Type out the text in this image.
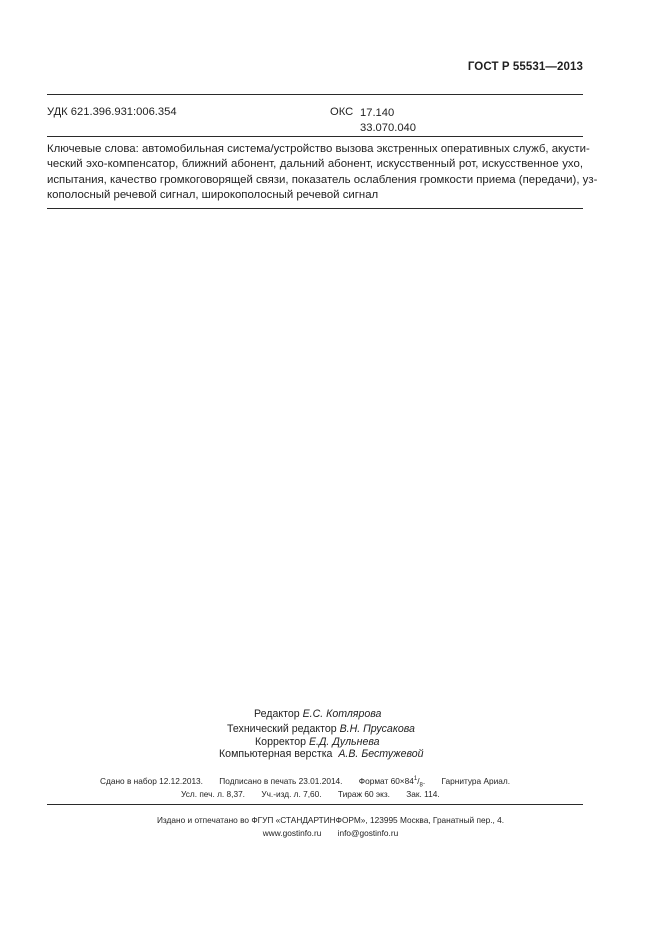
ГОСТ Р 55531—2013
УДК 621.396.931:006.354	ОКС 17.140
33.070.040
Ключевые слова: автомобильная система/устройство вызова экстренных оперативных служб, акусти-
ческий эхо-компенсатор, ближний абонент, дальний абонент, искусственный рот, искусственное ухо,
испытания, качество громкоговорящей связи, показатель ослабления громкости приема (передачи), уз-
кополосный речевой сигнал, широкополосный речевой сигнал
Редактор Е.С. Котлярова
Технический редактор В.Н. Прусакова
Корректор Е.Д. Дульнева
Компьютерная верстка А.В. Бестужевой
Сдано в набор 12.12.2013. Подписано в печать 23.01.2014. Формат $60\times 84^1/_8$. Гарнитура Ариал.
Усл. печ. л. 8,37. Уч.-изд. л. 7,60. Тираж 60 экз. Зак. 114.
Издано и отпечатано во ФГУП «СТАНДАРТИНФОРМ», 123995 Москва, Гранатный пер., 4.
www.gostinfo.ru info@gostinfo.ru
